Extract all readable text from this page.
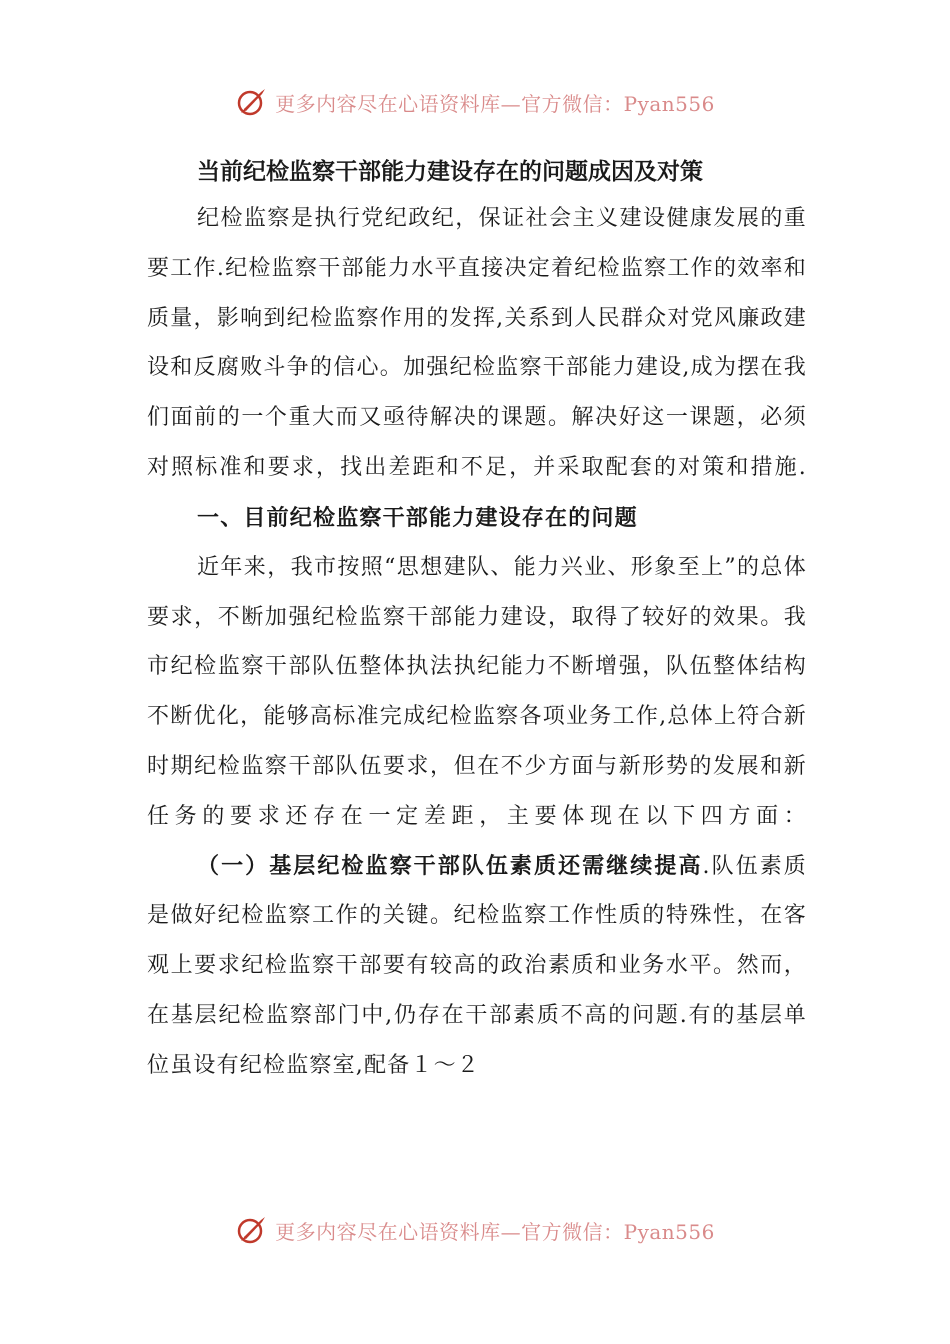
更多内容尽在心语资料库—官方微信：Pyan556

当前纪检监察干部能力建设存在的问题成因及对策

纪检监察是执行党纪政纪，保证社会主义建设健康发展的重要工作.纪检监察干部能力水平直接决定着纪检监察工作的效率和质量，影响到纪检监察作用的发挥,关系到人民群众对党风廉政建设和反腐败斗争的信心。加强纪检监察干部能力建设,成为摆在我们面前的一个重大而又亟待解决的课题。解决好这一课题，必须对照标准和要求，找出差距和不足，并采取配套的对策和措施.

一、目前纪检监察干部能力建设存在的问题

近年来，我市按照“思想建队、能力兴业、形象至上”的总体要求，不断加强纪检监察干部能力建设，取得了较好的效果。我市纪检监察干部队伍整体执法执纪能力不断增强，队伍整体结构不断优化，能够高标准完成纪检监察各项业务工作,总体上符合新时期纪检监察干部队伍要求，但在不少方面与新形势的发展和新任务的要求还存在一定差距，主要体现在以下四方面：

（一）基层纪检监察干部队伍素质还需继续提高.队伍素质是做好纪检监察工作的关键。纪检监察工作性质的特殊性，在客观上要求纪检监察干部要有较高的政治素质和业务水平。然而，在基层纪检监察部门中,仍存在干部素质不高的问题.有的基层单位虽设有纪检监察室,配备１～２

更多内容尽在心语资料库—官方微信：Pyan556
